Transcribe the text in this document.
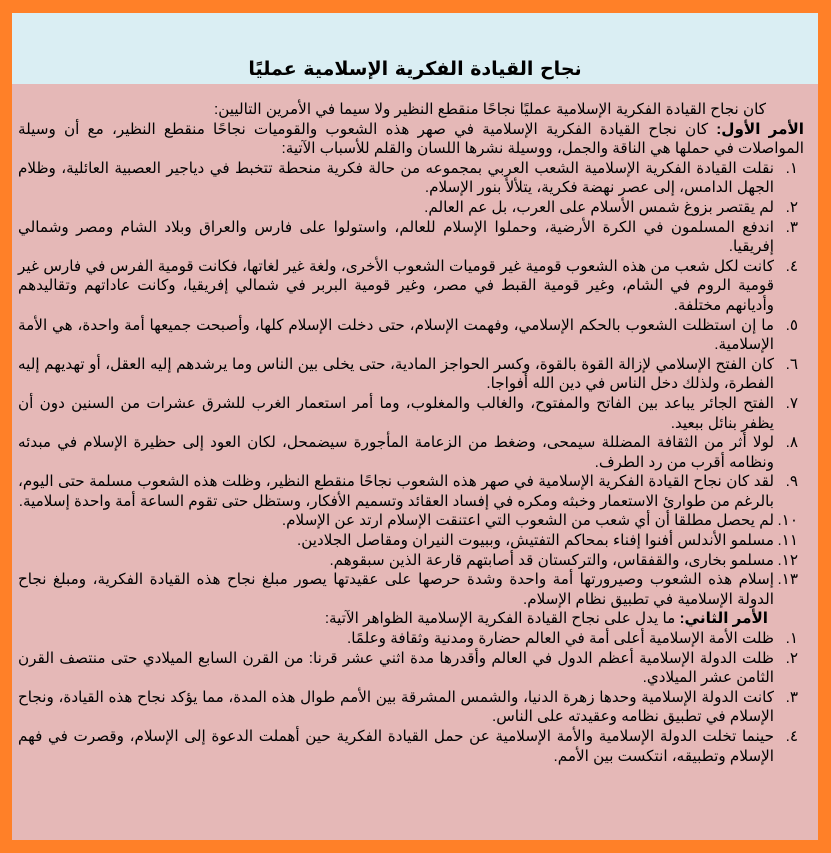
نجاح القيادة الفكرية الإسلامية عمليًا

كان نجاح القيادة الفكرية الإسلامية عمليًا نجاحًا منقطع النظير ولا سيما في الأمرين التاليين:

الأمر الأول: كان نجاح القيادة الفكرية الإسلامية في صهر هذه الشعوب والقوميات نجاحًا منقطع النظير، مع أن وسيلة المواصلات في حملها هي الناقة والجمل، ووسيلة نشرها اللسان والقلم للأسباب الآتية:

١.
نقلت القيادة الفكرية الإسلامية الشعب العربي بمجموعه من حالة فكرية منحطة تتخبط في دياجير العصبية العائلية، وظلام الجهل الدامس، إلى عصر نهضة فكرية، يتلألأ بنور الإسلام.
٢.
لم يقتصر بزوغ شمس الأسلام على العرب، بل عم العالم.
٣.
اندفع المسلمون في الكرة الأرضية، وحملوا الإسلام للعالم، واستولوا على فارس والعراق وبلاد الشام ومصر وشمالي إفريقيا.
٤.
كانت لكل شعب من هذه الشعوب قومية غير قوميات الشعوب الأخرى، ولغة غير لغاتها، فكانت قومية الفرس في فارس غير قومية الروم في الشام، وغير قومية القبط في مصر، وغير قومية البربر في شمالي إفريقيا، وكانت عاداتهم وتقاليدهم وأديانهم مختلفة.
٥.
ما إن استظلت الشعوب بالحكم الإسلامي، وفهمت الإسلام، حتى دخلت الإسلام كلها، وأصبحت جميعها أمة واحدة، هي الأمة الإسلامية.
٦.
كان الفتح الإسلامي لإزالة القوة بالقوة، وكسر الحواجز المادية، حتى يخلى بين الناس وما يرشدهم إليه العقل، أو تهديهم إليه الفطرة، ولذلك دخل الناس في دين الله أفواجا.
٧.
الفتح الجائر يباعد بين الفاتح والمفتوح، والغالب والمغلوب، وما أمر استعمار الغرب للشرق عشرات من السنين دون أن يظفر بنائل ببعيد.
٨.
لولا أثر من الثقافة المضللة سيمحى، وضغط من الزعامة المأجورة سيضمحل، لكان العود إلى حظيرة الإسلام في مبدئه ونظامه أقرب من رد الطرف.
٩.
لقد كان نجاح القيادة الفكرية الإسلامية في صهر هذه الشعوب نجاحًا منقطع النظير، وظلت هذه الشعوب مسلمة حتى اليوم، بالرغم من طوارئ الاستعمار وخبثه ومكره في إفساد العقائد وتسميم الأفكار، وستظل حتى تقوم الساعة أمة واحدة إسلامية.
١٠.
لم يحصل مطلقا أن أي شعب من الشعوب التي اعتنقت الإسلام ارتد عن الإسلام.
١١.
مسلمو الأندلس أفنوا إفناء بمحاكم التفتيش، وببيوت النيران ومقاصل الجلادين.
١٢.
مسلمو بخارى، والقفقاس، والتركستان قد أصابتهم قارعة الذين سبقوهم.
١٣.
إسلام هذه الشعوب وصيرورتها أمة واحدة وشدة حرصها على عقيدتها يصور مبلغ نجاح هذه القيادة الفكرية، ومبلغ نجاح الدولة الإسلامية في تطبيق نظام الإسلام.

الأمر الثاني: ما يدل على نجاح القيادة الفكرية الإسلامية الظواهر الآتية:

١.
ظلت الأمة الإسلامية أعلى أمة في العالم حضارة ومدنية وثقافة وعلمًا.
٢.
ظلت الدولة الإسلامية أعظم الدول في العالم وأقدرها مدة اثني عشر قرنا: من القرن السابع الميلادي حتى منتصف القرن الثامن عشر الميلادي.
٣.
كانت الدولة الإسلامية وحدها زهرة الدنيا، والشمس المشرقة بين الأمم طوال هذه المدة، مما يؤكد نجاح هذه القيادة، ونجاح الإسلام في تطبيق نظامه وعقيدته على الناس.
٤.
حينما تخلت الدولة الإسلامية والأمة الإسلامية عن حمل القيادة الفكرية حين أهملت الدعوة إلى الإسلام، وقصرت في فهم الإسلام وتطبيقه، انتكست بين الأمم.
